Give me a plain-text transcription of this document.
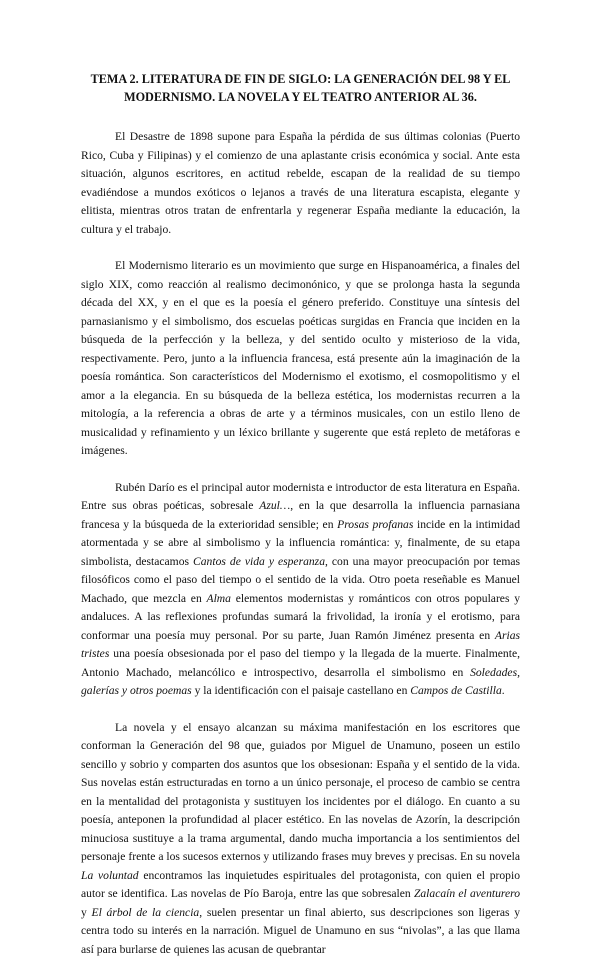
TEMA 2. LITERATURA DE FIN DE SIGLO: LA GENERACIÓN DEL 98 Y EL MODERNISMO. LA NOVELA Y EL TEATRO ANTERIOR AL 36.

El Desastre de 1898 supone para España la pérdida de sus últimas colonias (Puerto Rico, Cuba y Filipinas) y el comienzo de una aplastante crisis económica y social. Ante esta situación, algunos escritores, en actitud rebelde, escapan de la realidad de su tiempo evadiéndose a mundos exóticos o lejanos a través de una literatura escapista, elegante y elitista, mientras otros tratan de enfrentarla y regenerar España mediante la educación, la cultura y el trabajo.

El Modernismo literario es un movimiento que surge en Hispanoamérica, a finales del siglo XIX, como reacción al realismo decimonónico, y que se prolonga hasta la segunda década del XX, y en el que es la poesía el género preferido. Constituye una síntesis del parnasianismo y el simbolismo, dos escuelas poéticas surgidas en Francia que inciden en la búsqueda de la perfección y la belleza, y del sentido oculto y misterioso de la vida, respectivamente. Pero, junto a la influencia francesa, está presente aún la imaginación de la poesía romántica. Son característicos del Modernismo el exotismo, el cosmopolitismo y el amor a la elegancia. En su búsqueda de la belleza estética, los modernistas recurren a la mitología, a la referencia a obras de arte y a términos musicales, con un estilo lleno de musicalidad y refinamiento y un léxico brillante y sugerente que está repleto de metáforas e imágenes.

Rubén Darío es el principal autor modernista e introductor de esta literatura en España. Entre sus obras poéticas, sobresale Azul…, en la que desarrolla la influencia parnasiana francesa y la búsqueda de la exterioridad sensible; en Prosas profanas incide en la intimidad atormentada y se abre al simbolismo y la influencia romántica: y, finalmente, de su etapa simbolista, destacamos Cantos de vida y esperanza, con una mayor preocupación por temas filosóficos como el paso del tiempo o el sentido de la vida. Otro poeta reseñable es Manuel Machado, que mezcla en Alma elementos modernistas y románticos con otros populares y andaluces. A las reflexiones profundas sumará la frivolidad, la ironía y el erotismo, para conformar una poesía muy personal. Por su parte, Juan Ramón Jiménez presenta en Arias tristes una poesía obsesionada por el paso del tiempo y la llegada de la muerte. Finalmente, Antonio Machado, melancólico e introspectivo, desarrolla el simbolismo en Soledades, galerías y otros poemas y la identificación con el paisaje castellano en Campos de Castilla.

La novela y el ensayo alcanzan su máxima manifestación en los escritores que conforman la Generación del 98 que, guiados por Miguel de Unamuno, poseen un estilo sencillo y sobrio y comparten dos asuntos que los obsesionan: España y el sentido de la vida. Sus novelas están estructuradas en torno a un único personaje, el proceso de cambio se centra en la mentalidad del protagonista y sustituyen los incidentes por el diálogo. En cuanto a su poesía, anteponen la profundidad al placer estético. En las novelas de Azorín, la descripción minuciosa sustituye a la trama argumental, dando mucha importancia a los sentimientos del personaje frente a los sucesos externos y utilizando frases muy breves y precisas. En su novela La voluntad encontramos las inquietudes espirituales del protagonista, con quien el propio autor se identifica. Las novelas de Pío Baroja, entre las que sobresalen Zalacaín el aventurero y El árbol de la ciencia, suelen presentar un final abierto, sus descripciones son ligeras y centra todo su interés en la narración. Miguel de Unamuno en sus “nivolas”, a las que llama así para burlarse de quienes las acusan de quebrantar
